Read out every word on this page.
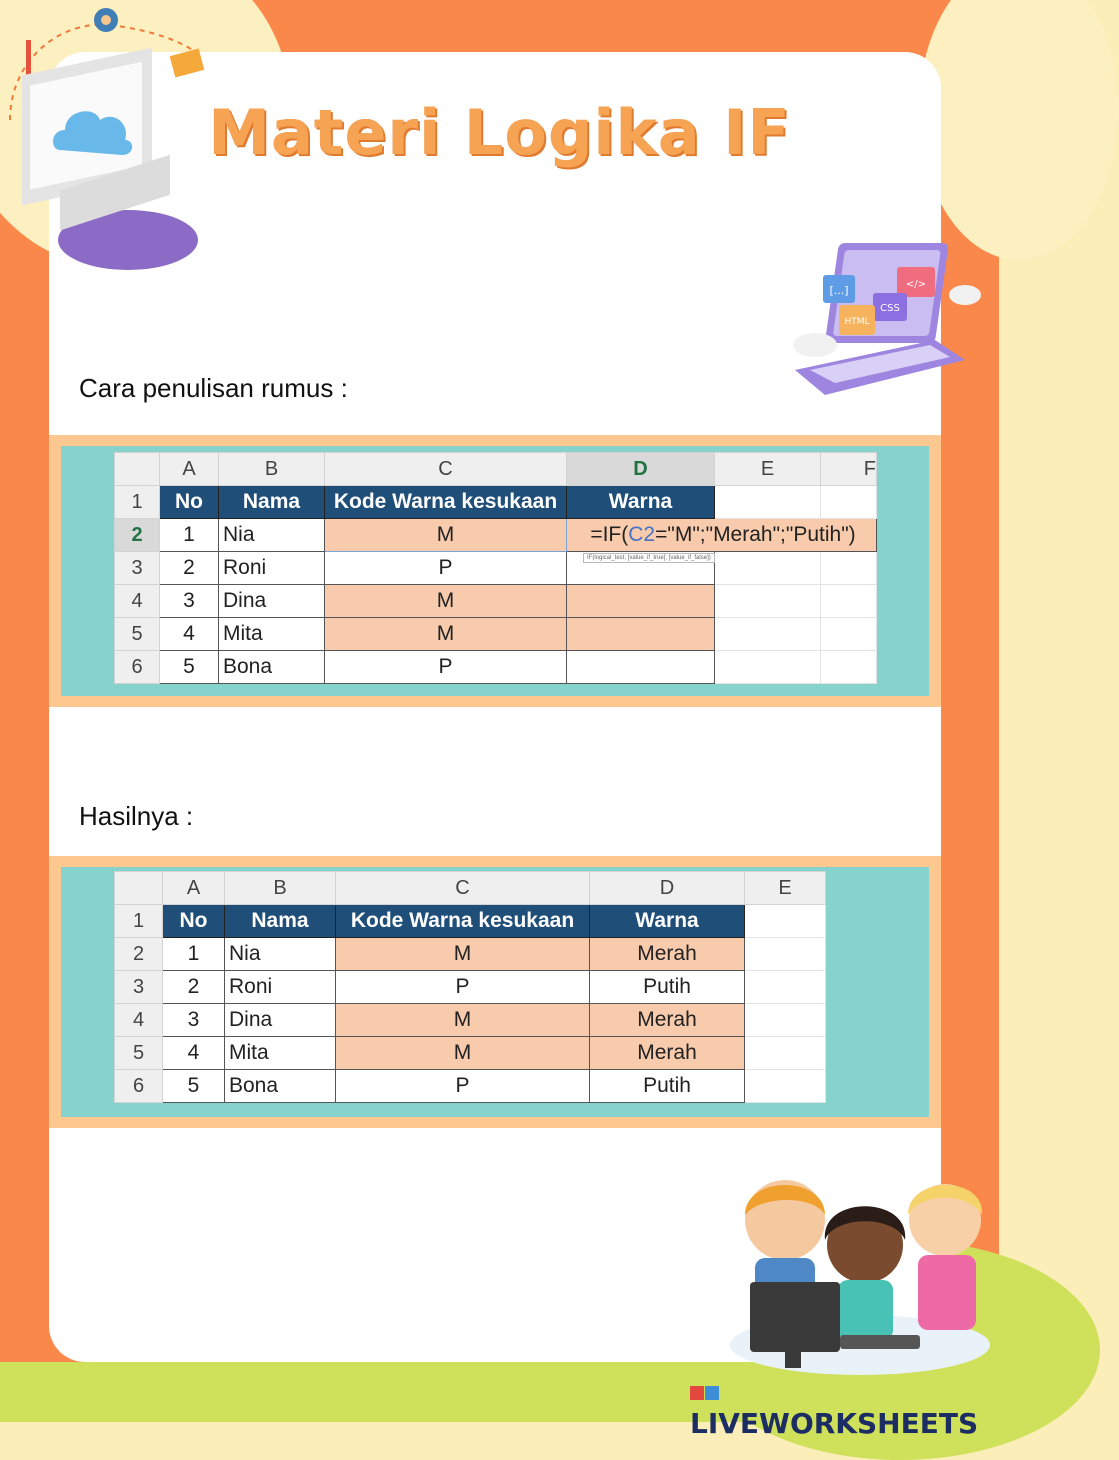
[...]	</>
CSS
HTML
Materi Logika IF
Cara penulisan rumus :
	A	B	C	D	E	F
1	No	Nama	Kode Warna kesukaan	Warna		
2	1	Nia	M	=IF(C2="M";"Merah";"Putih")
IF(logical_test; [value_if_true]; [value_if_false])		

3	2	Roni	P			
4	3	Dina	M			
5	4	Mita	M			
6	5	Bona	P			
Hasilnya :
	A	B	C	D	E
1	No	Nama	Kode Warna kesukaan	Warna	
2	1	Nia	M	Merah	
3	2	Roni	P	Putih	
4	3	Dina	M	Merah	
5	4	Mita	M	Merah	
6	5	Bona	P	Putih	
LIVEWORKSHEETS
